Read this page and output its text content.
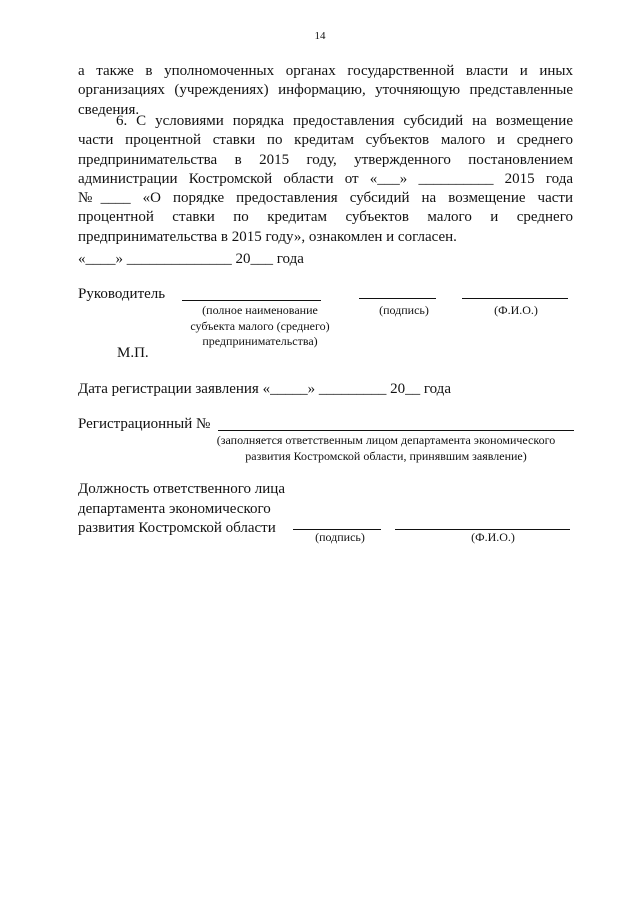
14
а также в уполномоченных органах государственной власти и иных
организациях (учреждениях) информацию, уточняющую представленные
сведения.
6. С условиями порядка предоставления субсидий на возмещение
части процентной ставки по кредитам субъектов малого и среднего
предпринимательства в 2015 году, утвержденного постановлением
администрации Костромской области от «___» __________ 2015 года
№____ «О порядке предоставления субсидий на возмещение части
процентной ставки по кредитам субъектов малого и среднего
предпринимательства в 2015 году», ознакомлен и согласен.
«____» ______________ 20___ года
Руководитель
(полное наименование
субъекта малого (среднего)
предпринимательства)
(подпись)	(Ф.И.О.)
М.П.
Дата регистрации заявления «_____» _________ 20__ года
Регистрационный №
(заполняется ответственным лицом департамента экономического
развития Костромской области, принявшим заявление)
Должность ответственного лица
департамента экономического
развития Костромской области
(подпись)	(Ф.И.О.)
